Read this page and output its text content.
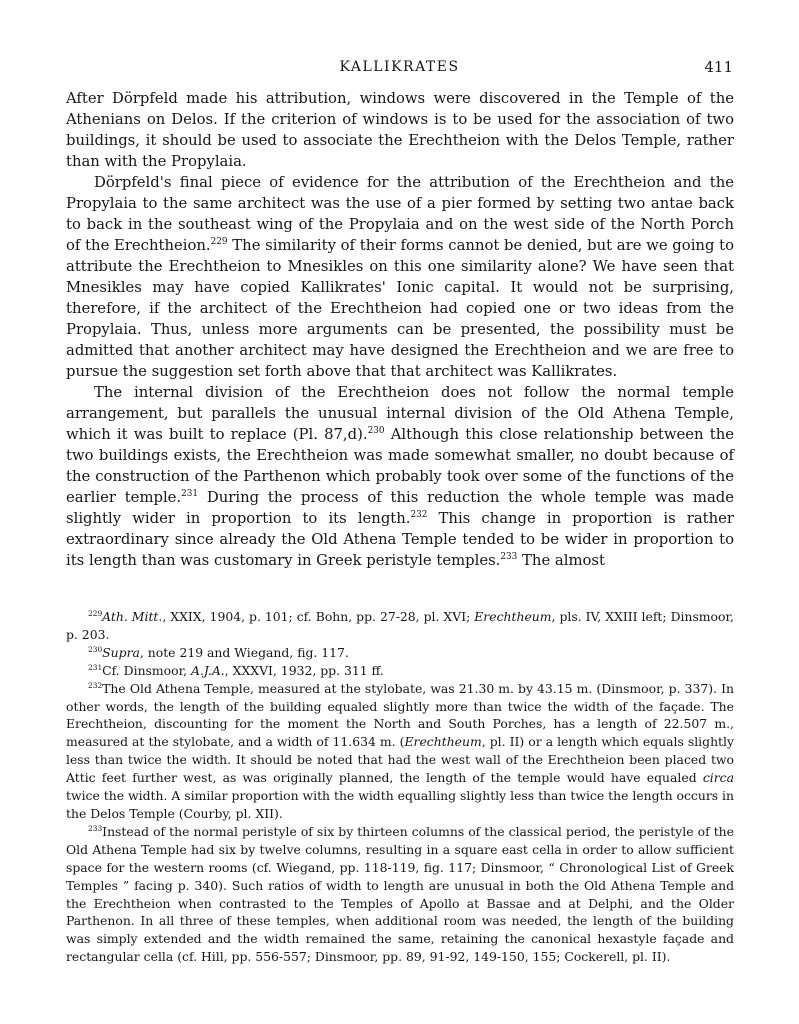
KALLIKRATES	411

After Dörpfeld made his attribution, windows were discovered in the Temple of the Athenians on Delos. If the criterion of windows is to be used for the association of two buildings, it should be used to associate the Erechtheion with the Delos Temple, rather than with the Propylaia.

Dörpfeld's final piece of evidence for the attribution of the Erechtheion and the Propylaia to the same architect was the use of a pier formed by setting two antae back to back in the southeast wing of the Propylaia and on the west side of the North Porch of the Erechtheion.$^{229}$ The similarity of their forms cannot be denied, but are we going to attribute the Erechtheion to Mnesikles on this one similarity alone? We have seen that Mnesikles may have copied Kallikrates' Ionic capital. It would not be surprising, therefore, if the architect of the Erechtheion had copied one or two ideas from the Propylaia. Thus, unless more arguments can be presented, the possibility must be admitted that another architect may have designed the Erechtheion and we are free to pursue the suggestion set forth above that that architect was Kallikrates.

The internal division of the Erechtheion does not follow the normal temple arrangement, but parallels the unusual internal division of the Old Athena Temple, which it was built to replace (Pl. 87,d).$^{230}$ Although this close relationship between the two buildings exists, the Erechtheion was made somewhat smaller, no doubt because of the construction of the Parthenon which probably took over some of the functions of the earlier temple.$^{231}$ During the process of this reduction the whole temple was made slightly wider in proportion to its length.$^{232}$ This change in proportion is rather extraordinary since already the Old Athena Temple tended to be wider in proportion to its length than was customary in Greek peristyle temples.$^{233}$ The almost

$^{229}$Ath. Mitt., XXIX, 1904, p. 101; cf. Bohn, pp. 27-28, pl. XVI; Erechtheum, pls. IV, XXIII left; Dinsmoor, p. 203.

$^{230}$Supra, note 219 and Wiegand, fig. 117.

$^{231}$Cf. Dinsmoor, A.J.A., XXXVI, 1932, pp. 311 ff.

$^{232}$The Old Athena Temple, measured at the stylobate, was 21.30 m. by 43.15 m. (Dinsmoor, p. 337). In other words, the length of the building equaled slightly more than twice the width of the façade. The Erechtheion, discounting for the moment the North and South Porches, has a length of 22.507 m., measured at the stylobate, and a width of 11.634 m. (Erechtheum, pl. II) or a length which equals slightly less than twice the width. It should be noted that had the west wall of the Erechtheion been placed two Attic feet further west, as was originally planned, the length of the temple would have equaled circa twice the width. A similar proportion with the width equalling slightly less than twice the length occurs in the Delos Temple (Courby, pl. XII).

$^{233}$Instead of the normal peristyle of six by thirteen columns of the classical period, the peristyle of the Old Athena Temple had six by twelve columns, resulting in a square east cella in order to allow sufficient space for the western rooms (cf. Wiegand, pp. 118-119, fig. 117; Dinsmoor, “ Chronological List of Greek Temples ” facing p. 340). Such ratios of width to length are unusual in both the Old Athena Temple and the Erechtheion when contrasted to the Temples of Apollo at Bassae and at Delphi, and the Older Parthenon. In all three of these temples, when additional room was needed, the length of the building was simply extended and the width remained the same, retaining the canonical hexastyle façade and rectangular cella (cf. Hill, pp. 556-557; Dinsmoor, pp. 89, 91-92, 149-150, 155; Cockerell, pl. II).
